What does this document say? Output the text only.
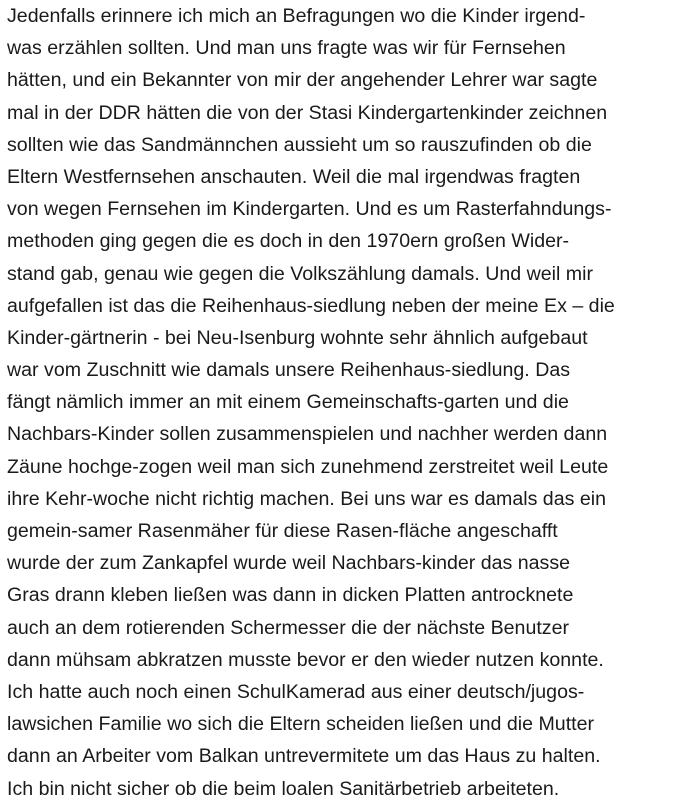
Jedenfalls erinnere ich mich an Befragungen wo die Kinder irgend-
was erzählen sollten. Und man uns fragte was wir für Fernsehen
hätten, und ein Bekannter von mir der angehender Lehrer war sagte
mal in der DDR hätten die von der Stasi Kindergartenkinder zeichnen
sollten wie das Sandmännchen aussieht um so rauszufinden ob die
Eltern Westfernsehen anschauten. Weil die mal irgendwas fragten
von wegen Fernsehen im Kindergarten. Und es um Rasterfahndungs-
methoden ging gegen die es doch in den 1970ern großen Wider-
stand gab, genau wie gegen die Volkszählung damals. Und weil mir
aufgefallen ist das die Reihenhaus-siedlung neben der meine Ex – die
Kinder-gärtnerin - bei Neu-Isenburg wohnte sehr ähnlich aufgebaut
war vom Zuschnitt wie damals unsere Reihenhaus-siedlung. Das
fängt nämlich immer an mit einem Gemeinschafts-garten und die
Nachbars-Kinder sollen zusammenspielen und nachher werden dann
Zäune hochge-zogen weil man sich zunehmend zerstreitet weil Leute
ihre Kehr-woche nicht richtig machen. Bei uns war es damals das ein
gemein-samer Rasenmäher für diese Rasen-fläche angeschafft
wurde der zum Zankapfel wurde weil Nachbars-kinder das nasse
Gras drann kleben ließen was dann in dicken Platten antrocknete
auch an dem rotierenden Schermesser die der nächste Benutzer
dann mühsam abkratzen musste bevor er den wieder nutzen konnte.
Ich hatte auch noch einen SchulKamerad aus einer deutsch/jugos-
lawsichen Familie wo sich die Eltern scheiden ließen und die Mutter
dann an Arbeiter vom Balkan untrevermitete um das Haus zu halten.
Ich bin nicht sicher ob die beim loalen Sanitärbetrieb arbeiteten.
